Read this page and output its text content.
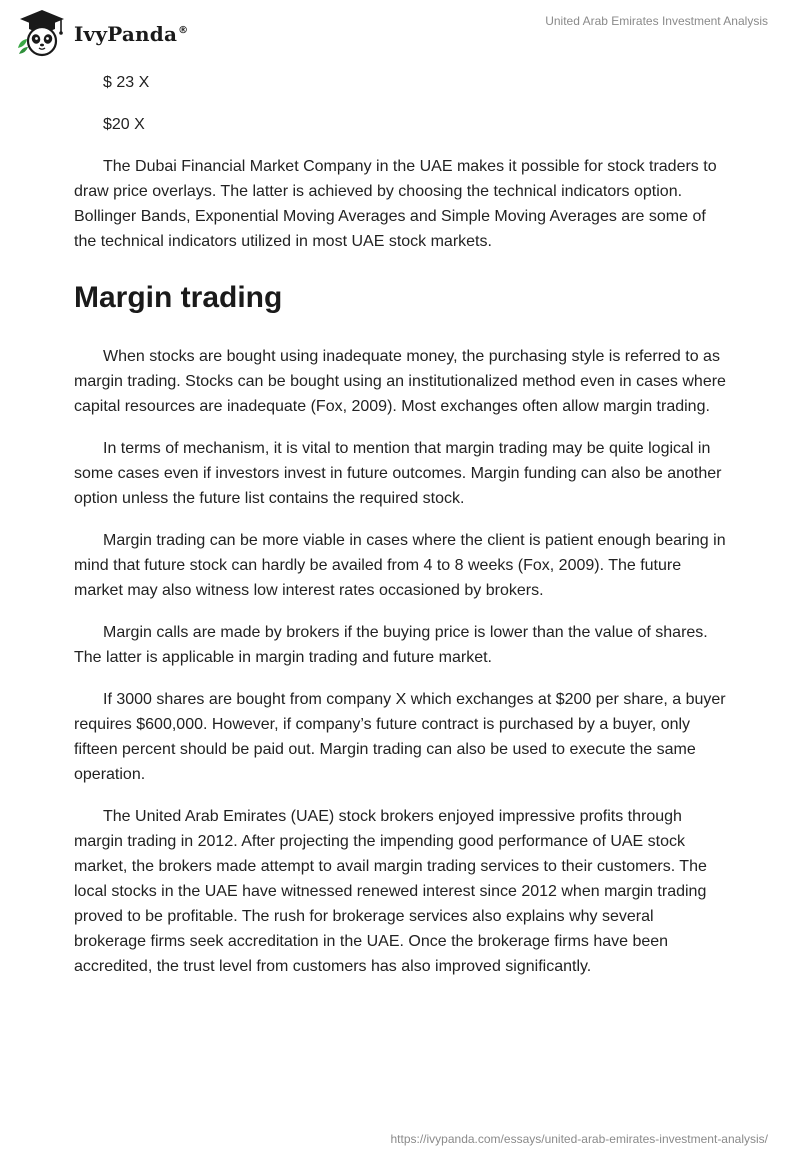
IvyPanda®
United Arab Emirates Investment Analysis

$ 23 X

$20 X

The Dubai Financial Market Company in the UAE makes it possible for stock traders to draw price overlays. The latter is achieved by choosing the technical indicators option. Bollinger Bands, Exponential Moving Averages and Simple Moving Averages are some of the technical indicators utilized in most UAE stock markets.

Margin trading

When stocks are bought using inadequate money, the purchasing style is referred to as margin trading. Stocks can be bought using an institutionalized method even in cases where capital resources are inadequate (Fox, 2009). Most exchanges often allow margin trading.

In terms of mechanism, it is vital to mention that margin trading may be quite logical in some cases even if investors invest in future outcomes. Margin funding can also be another option unless the future list contains the required stock.

Margin trading can be more viable in cases where the client is patient enough bearing in mind that future stock can hardly be availed from 4 to 8 weeks (Fox, 2009). The future market may also witness low interest rates occasioned by brokers.

Margin calls are made by brokers if the buying price is lower than the value of shares. The latter is applicable in margin trading and future market.

If 3000 shares are bought from company X which exchanges at $200 per share, a buyer requires $600,000. However, if company’s future contract is purchased by a buyer, only fifteen percent should be paid out. Margin trading can also be used to execute the same operation.

The United Arab Emirates (UAE) stock brokers enjoyed impressive profits through margin trading in 2012. After projecting the impending good performance of UAE stock market, the brokers made attempt to avail margin trading services to their customers. The local stocks in the UAE have witnessed renewed interest since 2012 when margin trading proved to be profitable. The rush for brokerage services also explains why several brokerage firms seek accreditation in the UAE. Once the brokerage firms have been accredited, the trust level from customers has also improved significantly.

https://ivypanda.com/essays/united-arab-emirates-investment-analysis/
